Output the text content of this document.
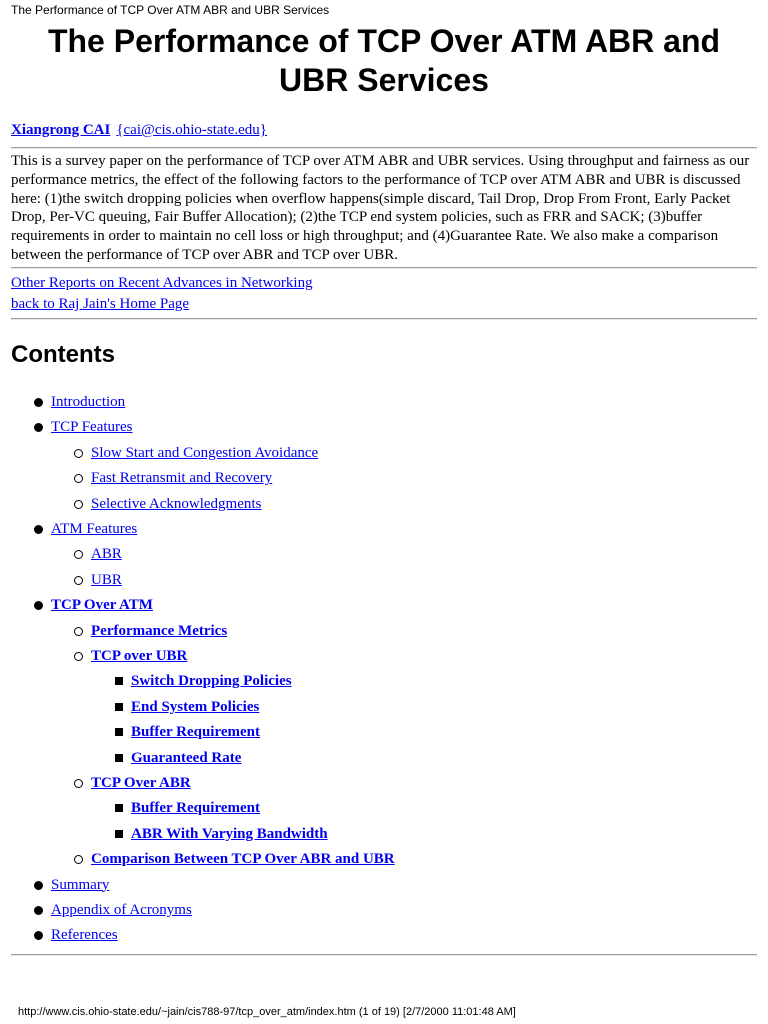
The Performance of TCP Over ATM ABR and UBR Services
The Performance of TCP Over ATM ABR and
UBR Services
Xiangrong CAI {cai@cis.ohio-state.edu}

This is a survey paper on the performance of TCP over ATM ABR and UBR services. Using throughput and fairness as our performance metrics, the effect of the following factors to the performance of TCP over ATM ABR and UBR is discussed here: (1)the switch dropping policies when overflow happens(simple discard, Tail Drop, Drop From Front, Early Packet Drop, Per-VC queuing, Fair Buffer Allocation); (2)the TCP end system policies, such as FRR and SACK; (3)buffer requirements in order to maintain no cell loss or high throughput; and (4)Guarantee Rate. We also make a comparison between the performance of TCP over ABR and TCP over UBR.

Other Reports on Recent Advances in Networking
back to Raj Jain's Home Page
Contents
Introduction
TCP Features
Slow Start and Congestion Avoidance
Fast Retransmit and Recovery
Selective Acknowledgments
ATM Features
ABR
UBR
TCP Over ATM
Performance Metrics
TCP over UBR
Switch Dropping Policies
End System Policies
Buffer Requirement
Guaranteed Rate
TCP Over ABR
Buffer Requirement
ABR With Varying Bandwidth
Comparison Between TCP Over ABR and UBR
Summary
Appendix of Acronyms
References
http://www.cis.ohio-state.edu/~jain/cis788-97/tcp_over_atm/index.htm (1 of 19) [2/7/2000 11:01:48 AM]
